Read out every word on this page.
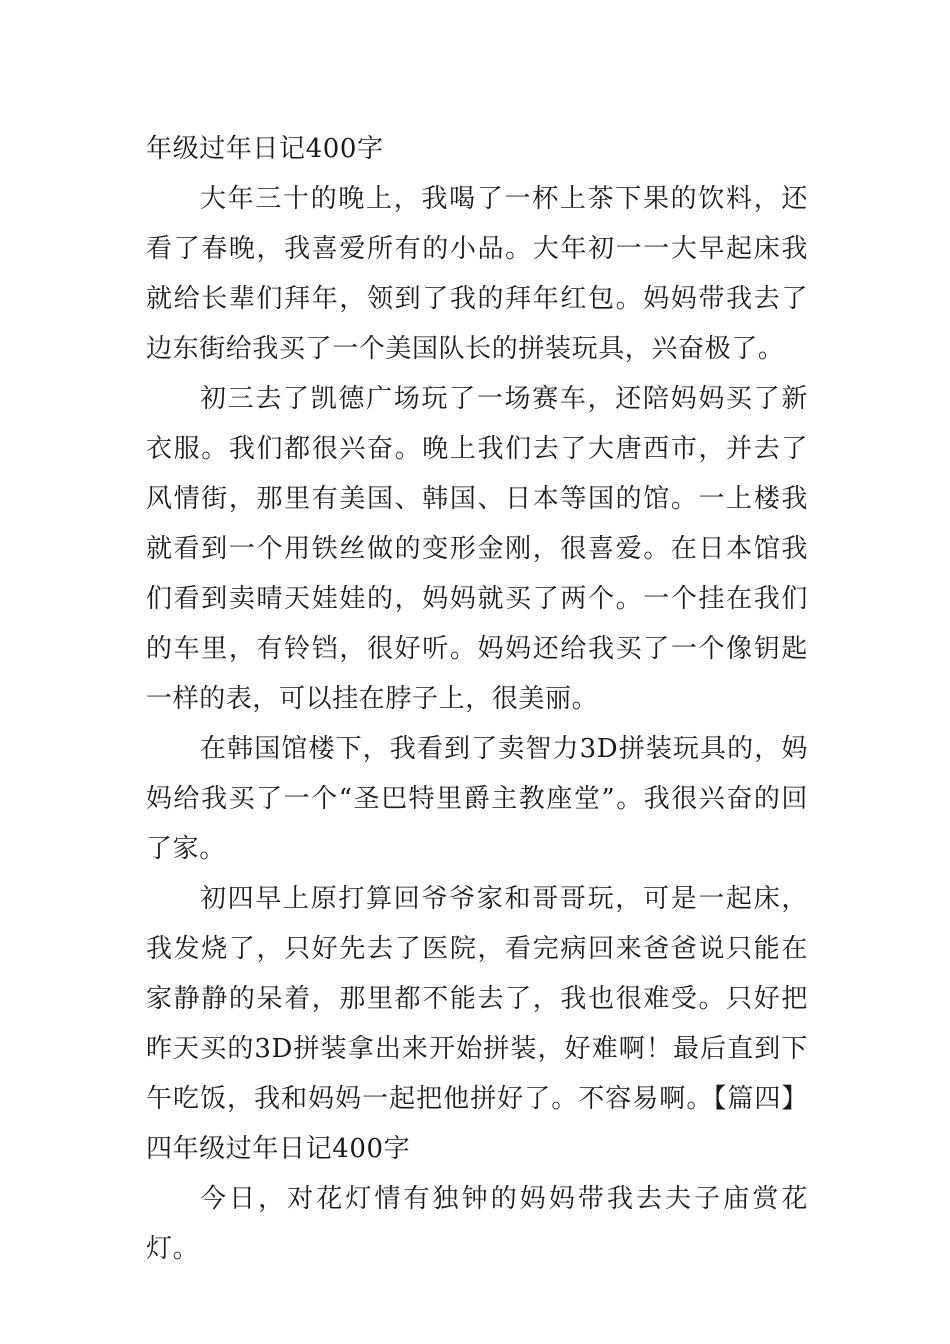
年级过年日记400字

大年三十的晚上，我喝了一杯上茶下果的饮料，还看了春晚，我喜爱所有的小品。大年初一一大早起床我就给长辈们拜年，领到了我的拜年红包。妈妈带我去了边东街给我买了一个美国队长的拼装玩具，兴奋极了。

初三去了凯德广场玩了一场赛车，还陪妈妈买了新衣服。我们都很兴奋。晚上我们去了大唐西市，并去了风情街，那里有美国、韩国、日本等国的馆。一上楼我就看到一个用铁丝做的变形金刚，很喜爱。在日本馆我们看到卖晴天娃娃的，妈妈就买了两个。一个挂在我们的车里，有铃铛，很好听。妈妈还给我买了一个像钥匙一样的表，可以挂在脖子上，很美丽。

在韩国馆楼下，我看到了卖智力3D拼装玩具的，妈妈给我买了一个“圣巴特里爵主教座堂”。我很兴奋的回了家。

初四早上原打算回爷爷家和哥哥玩，可是一起床，我发烧了，只好先去了医院，看完病回来爸爸说只能在家静静的呆着，那里都不能去了，我也很难受。只好把昨天买的3D拼装拿出来开始拼装，好难啊！最后直到下午吃饭，我和妈妈一起把他拼好了。不容易啊。【篇四】四年级过年日记400字

今日，对花灯情有独钟的妈妈带我去夫子庙赏花灯。
